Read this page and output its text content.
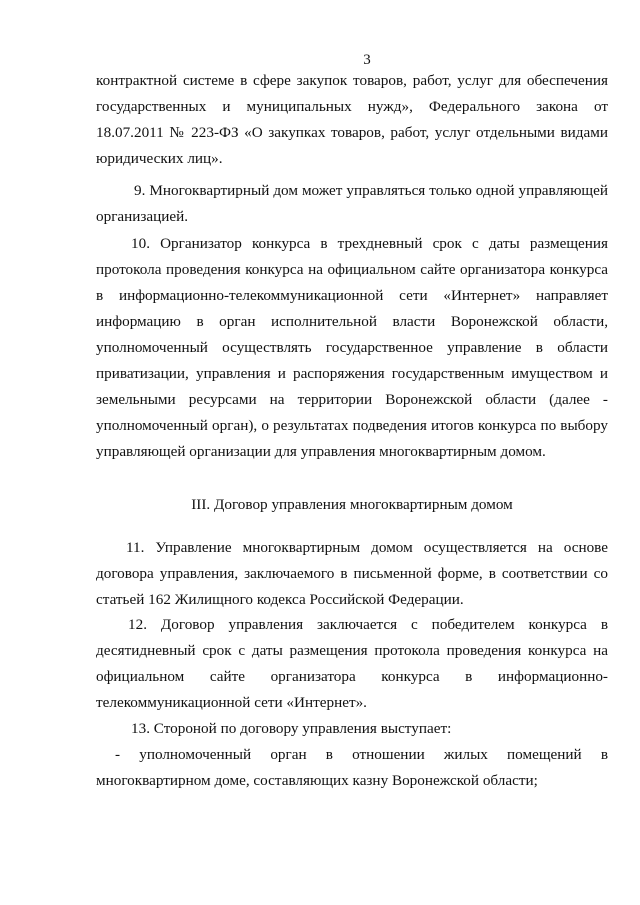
3
контрактной системе в сфере закупок товаров, работ, услуг для обеспечения
государственных и муниципальных нужд», Федерального закона от
18.07.2011 № 223-ФЗ «О закупках товаров, работ, услуг отдельными видами
юридических лиц».
9. Многоквартирный дом может управляться только одной управляющей
организацией.
10. Организатор конкурса в трехдневный срок с даты размещения
протокола проведения конкурса на официальном сайте организатора конкурса
в информационно-телекоммуникационной сети «Интернет» направляет
информацию в орган исполнительной власти Воронежской области,
уполномоченный осуществлять государственное управление в области
приватизации, управления и распоряжения государственным имуществом и
земельными ресурсами на территории Воронежской области (далее -
уполномоченный орган), о результатах подведения итогов конкурса по выбору
управляющей организации для управления многоквартирным домом.
III. Договор управления многоквартирным домом
11. Управление многоквартирным домом осуществляется на основе
договора управления, заключаемого в письменной форме, в соответствии со
статьей 162 Жилищного кодекса Российской Федерации.
12. Договор управления заключается с победителем конкурса в
десятидневный срок с даты размещения протокола проведения конкурса на
официальном сайте организатора конкурса в информационно-
телекоммуникационной сети «Интернет».
13. Стороной по договору управления выступает:
- уполномоченный орган в отношении жилых помещений в
многоквартирном доме, составляющих казну Воронежской области;
